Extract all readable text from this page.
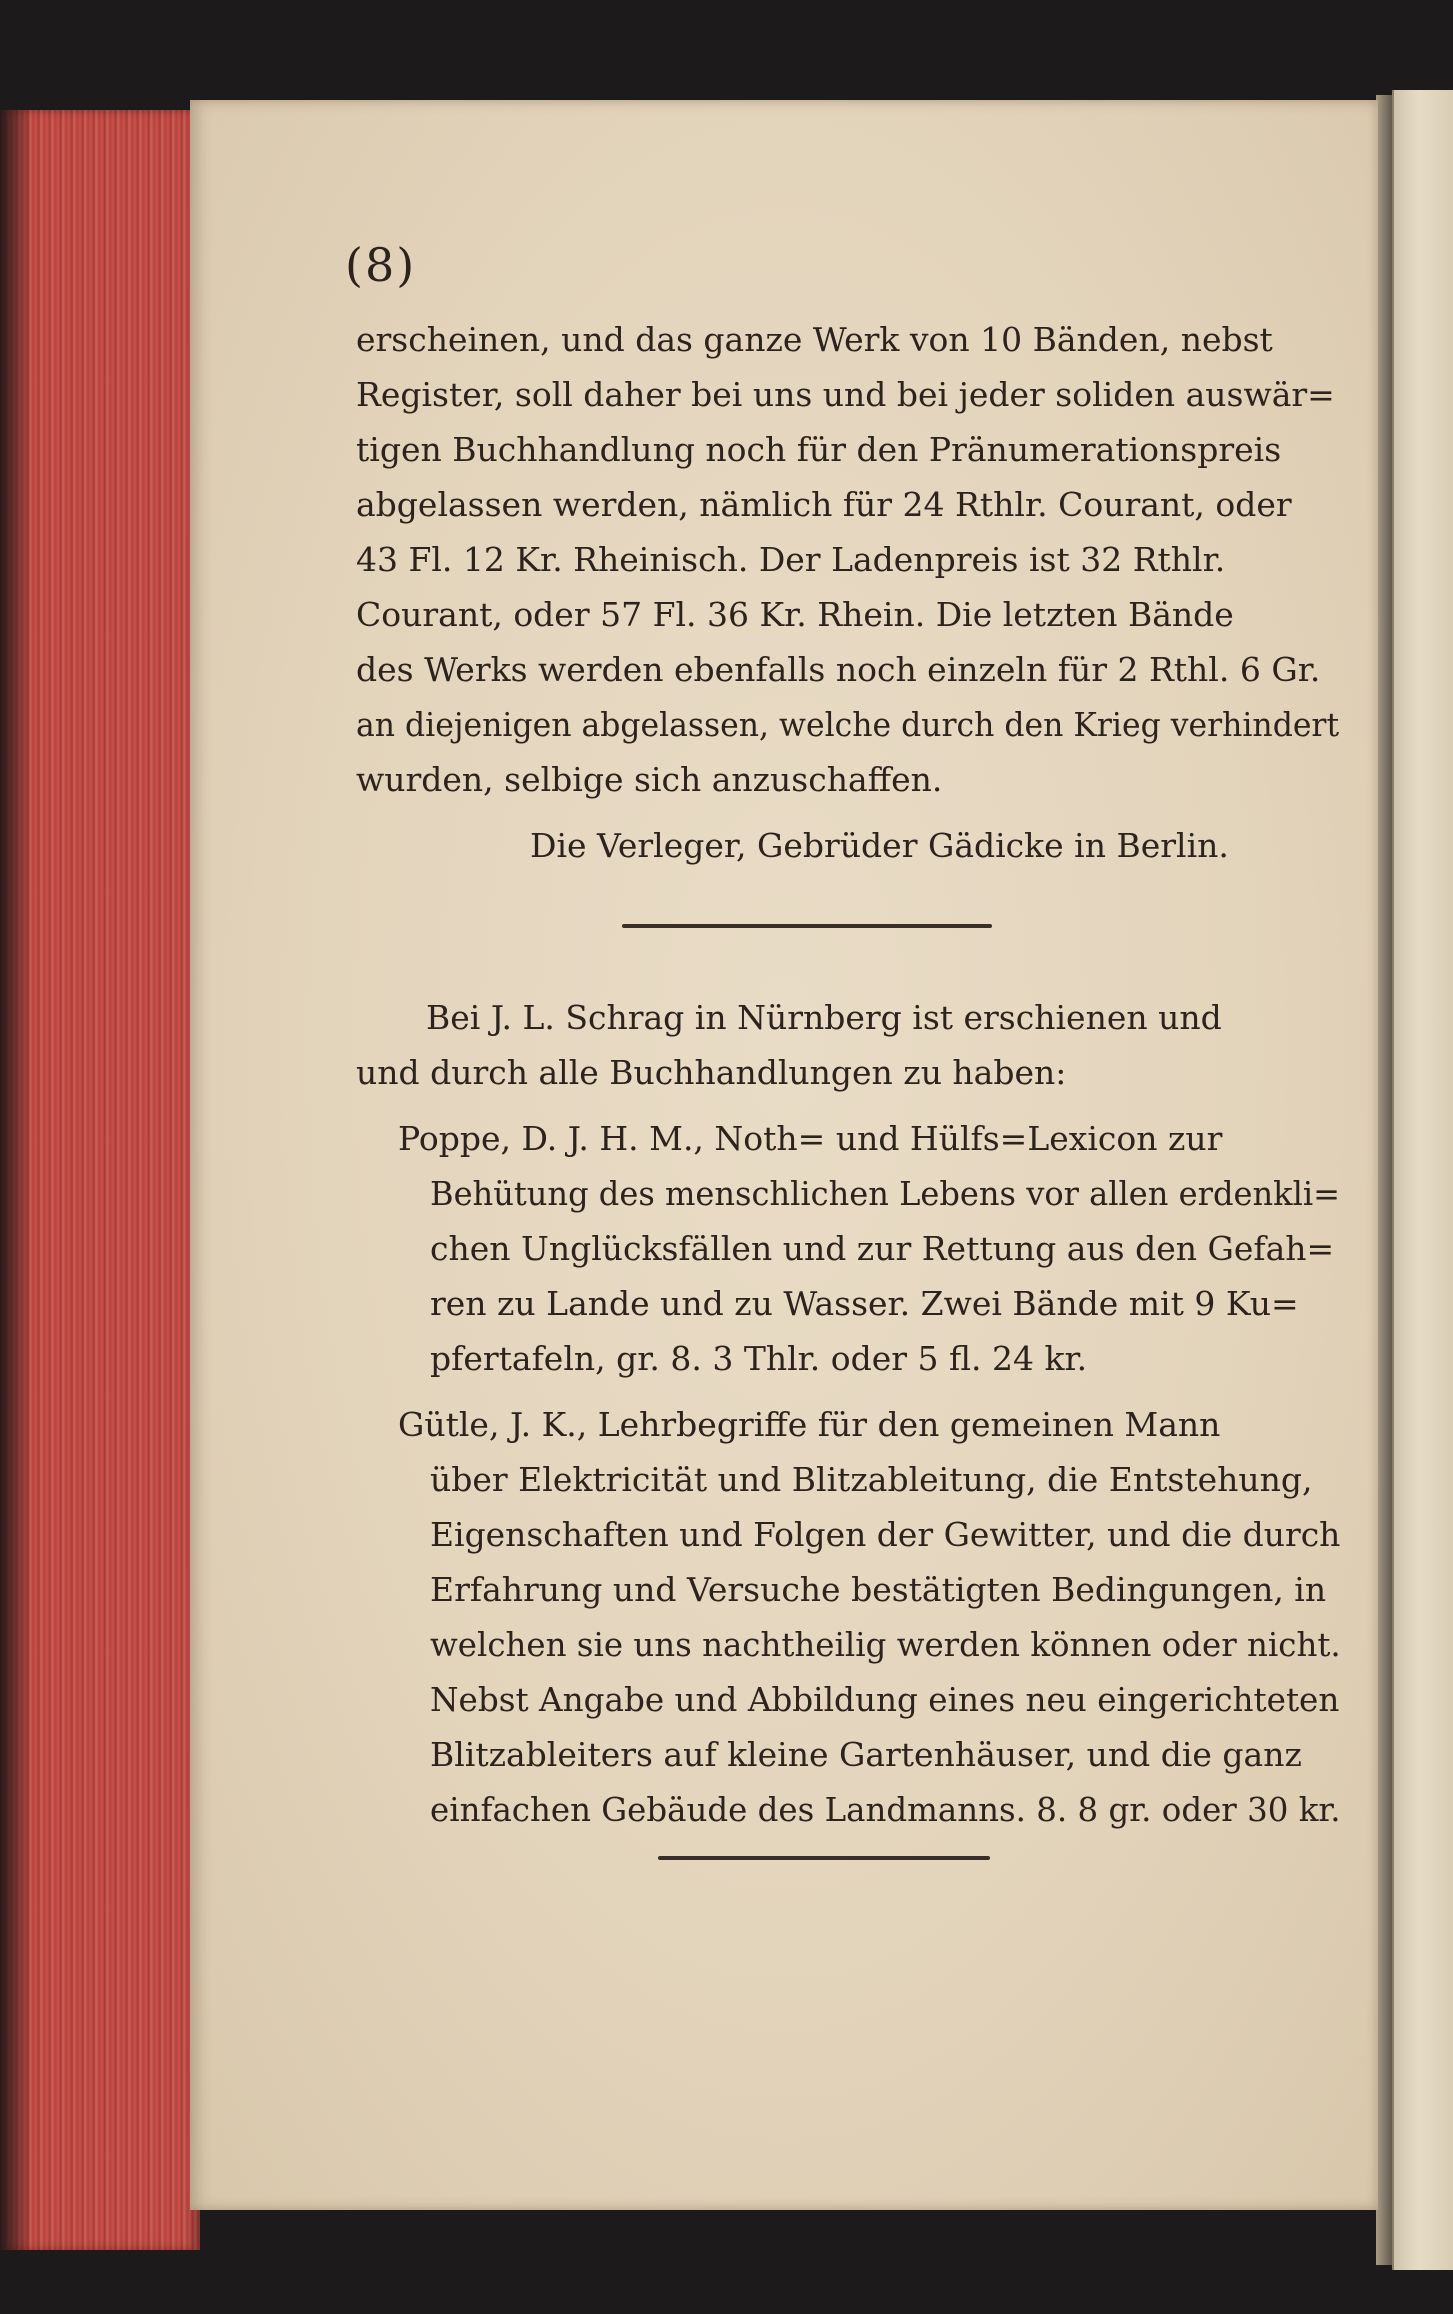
(8)

erscheinen, und das ganze Werk von 10 Bänden, nebst

Register, soll daher bei uns und bei jeder soliden auswär=

tigen Buchhandlung noch für den Pränumerationspreis

abgelassen werden, nämlich für 24 Rthlr. Courant, oder

43 Fl. 12 Kr. Rheinisch. Der Ladenpreis ist 32 Rthlr.

Courant, oder 57 Fl. 36 Kr. Rhein. Die letzten Bände

des Werks werden ebenfalls noch einzeln für 2 Rthl. 6 Gr.

an diejenigen abgelassen, welche durch den Krieg verhindert

wurden, selbige sich anzuschaffen.

Die Verleger, Gebrüder Gädicke in Berlin.

Bei J. L. Schrag in Nürnberg ist erschienen und

und durch alle Buchhandlungen zu haben:

Poppe, D. J. H. M., Noth= und Hülfs=Lexicon zur

Behütung des menschlichen Lebens vor allen erdenkli=

chen Unglücksfällen und zur Rettung aus den Gefah=

ren zu Lande und zu Wasser. Zwei Bände mit 9 Ku=

pfertafeln, gr. 8. 3 Thlr. oder 5 fl. 24 kr.

Gütle, J. K., Lehrbegriffe für den gemeinen Mann

über Elektricität und Blitzableitung, die Entstehung,

Eigenschaften und Folgen der Gewitter, und die durch

Erfahrung und Versuche bestätigten Bedingungen, in

welchen sie uns nachtheilig werden können oder nicht.

Nebst Angabe und Abbildung eines neu eingerichteten

Blitzableiters auf kleine Gartenhäuser, und die ganz

einfachen Gebäude des Landmanns. 8. 8 gr. oder 30 kr.
